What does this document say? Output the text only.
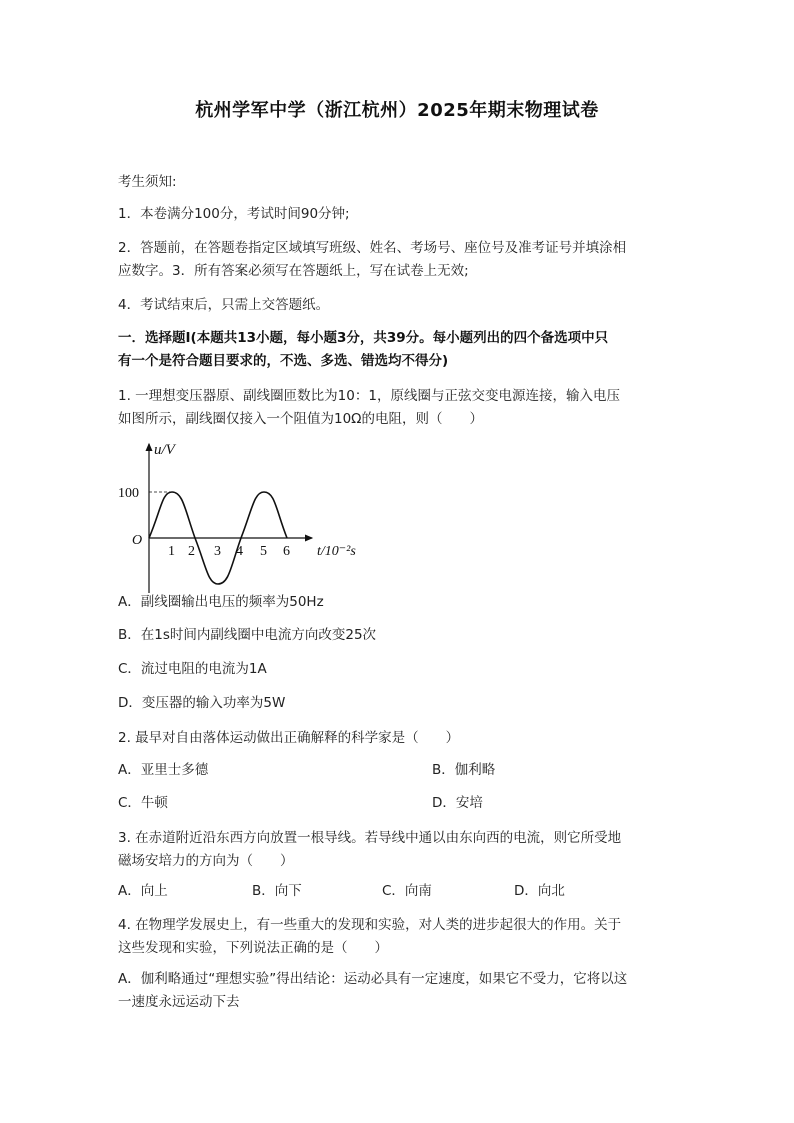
杭州学军中学（浙江杭州）2025年期末物理试卷
考生须知:
1．本卷满分100分，考试时间90分钟;
2．答题前，在答题卷指定区域填写班级、姓名、考场号、座位号及准考证号并填涂相
应数字。3．所有答案必须写在答题纸上，写在试卷上无效;
4．考试结束后，只需上交答题纸。
一．选择题Ⅰ(本题共13小题，每小题3分，共39分。每小题列出的四个备选项中只
有一个是符合题目要求的，不选、多选、错选均不得分)
1. 一理想变压器原、副线圈匝数比为10：1，原线圈与正弦交变电源连接，输入电压
如图所示，副线圈仅接入一个阻值为10Ω的电阻，则（　　）
u/V
100
O
1 2 3 4 5 6 t/10⁻²s
A．副线圈输出电压的频率为50Hz
B．在1s时间内副线圈中电流方向改变25次
C．流过电阻的电流为1A
D．变压器的输入功率为5W
2. 最早对自由落体运动做出正确解释的科学家是（　　）
A．亚里士多德	B．伽利略
C．牛顿	D．安培
3. 在赤道附近沿东西方向放置一根导线。若导线中通以由东向西的电流，则它所受地
磁场安培力的方向为（　　）
A．向上	B．向下	C．向南	D．向北
4. 在物理学发展史上，有一些重大的发现和实验，对人类的进步起很大的作用。关于
这些发现和实验，下列说法正确的是（　　）
A．伽利略通过“理想实验”得出结论：运动必具有一定速度，如果它不受力，它将以这
一速度永远运动下去
